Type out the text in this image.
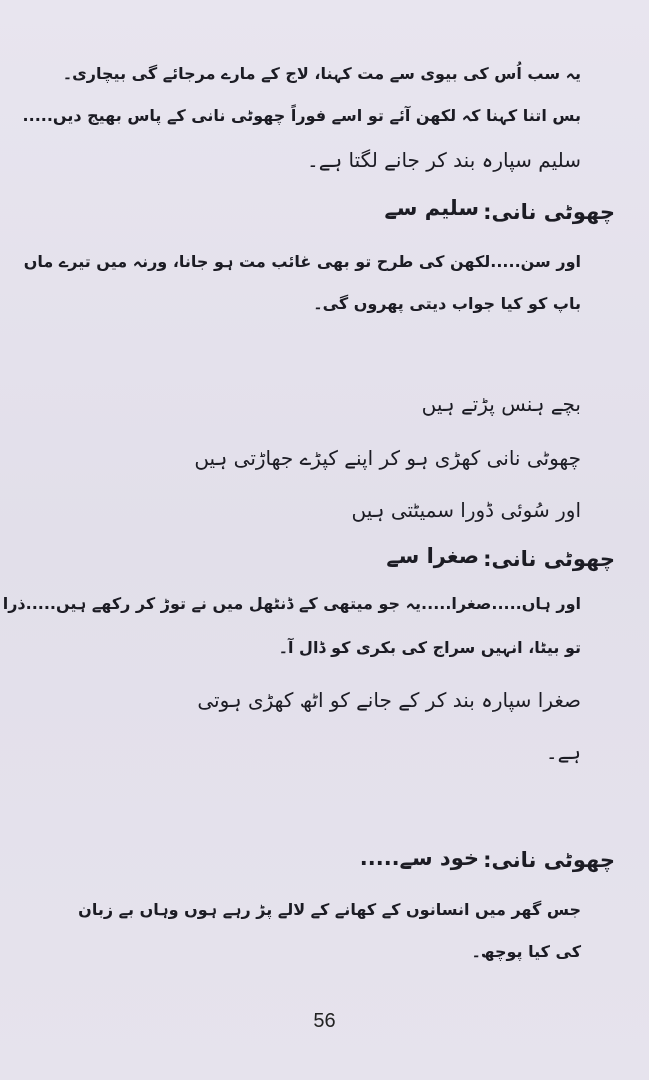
یہ سب اُس کی بیوی سے مت کہنا، لاج کے مارے مرجائے گی بیچاری۔
بس اتنا کہنا کہ لکھن آئے تو اسے فوراً چھوٹی نانی کے پاس بھیج دیں.....
سلیم سپارہ بند کر جانے لگتا ہے۔
چھوٹی نانی:
سلیم سے
اور سن.....لکھن کی طرح تو بھی غائب مت ہو جانا، ورنہ میں تیرے ماں
باپ کو کیا جواب دیتی پھروں گی۔
بچے ہنس پڑتے ہیں
چھوٹی نانی کھڑی ہو کر اپنے کپڑے جھاڑتی ہیں
اور سُوئی ڈورا سمیٹتی ہیں
چھوٹی نانی:
صغرا سے
اور ہاں.....صغرا.....یہ جو میتھی کے ڈنٹھل میں نے توڑ کر رکھے ہیں.....ذرا
تو بیٹا، انہیں سراج کی بکری کو ڈال آ۔
صغرا سپارہ بند کر کے جانے کو اٹھ کھڑی ہوتی
ہے۔
چھوٹی نانی:
خود سے.....
جس گھر میں انسانوں کے کھانے کے لالے پڑ رہے ہوں وہاں بے زبان
کی کیا پوچھ۔
56
